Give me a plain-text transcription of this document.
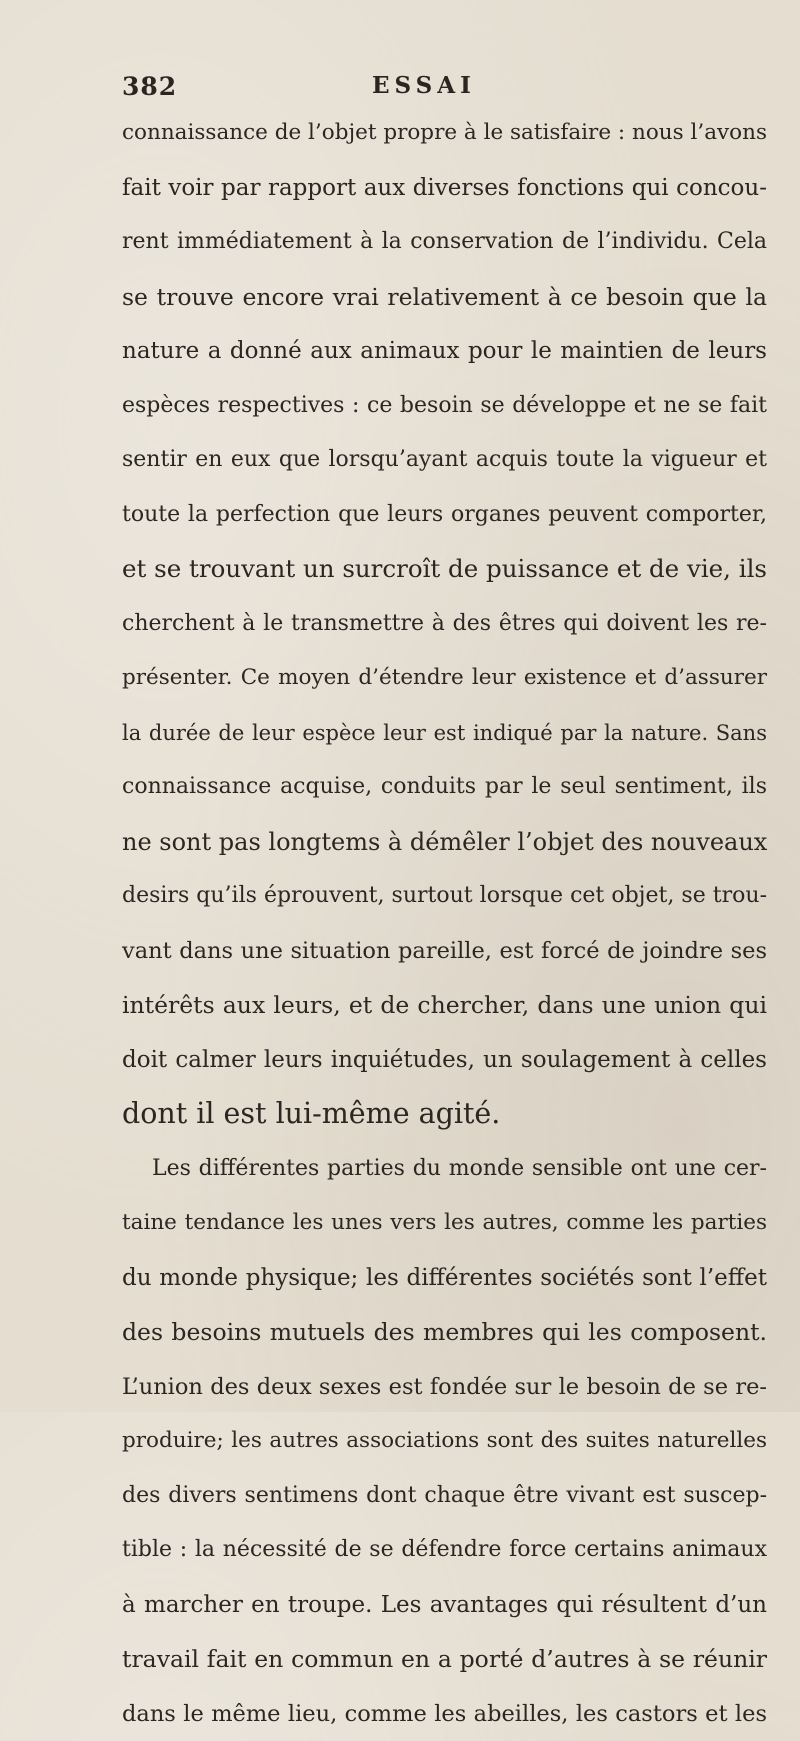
382	ESSAI
connaissance de l’objet propre à le satisfaire : nous l’avons
fait voir par rapport aux diverses fonctions qui concou-
rent immédiatement à la conservation de l’individu. Cela
se trouve encore vrai relativement à ce besoin que la
nature a donné aux animaux pour le maintien de leurs
espèces respectives : ce besoin se développe et ne se fait
sentir en eux que lorsqu’ayant acquis toute la vigueur et
toute la perfection que leurs organes peuvent comporter,
et se trouvant un surcroît de puissance et de vie, ils
cherchent à le transmettre à des êtres qui doivent les re-
présenter. Ce moyen d’étendre leur existence et d’assurer
la durée de leur espèce leur est indiqué par la nature. Sans
connaissance acquise, conduits par le seul sentiment, ils
ne sont pas longtems à démêler l’objet des nouveaux
desirs qu’ils éprouvent, surtout lorsque cet objet, se trou-
vant dans une situation pareille, est forcé de joindre ses
intérêts aux leurs, et de chercher, dans une union qui
doit calmer leurs inquiétudes, un soulagement à celles
dont il est lui-même agité.
Les différentes parties du monde sensible ont une cer-
taine tendance les unes vers les autres, comme les parties
du monde physique; les différentes sociétés sont l’effet
des besoins mutuels des membres qui les composent.
L’union des deux sexes est fondée sur le besoin de se re-
produire; les autres associations sont des suites naturelles
des divers sentimens dont chaque être vivant est suscep-
tible : la nécessité de se défendre force certains animaux
à marcher en troupe. Les avantages qui résultent d’un
travail fait en commun en a porté d’autres à se réunir
dans le même lieu, comme les abeilles, les castors et les
